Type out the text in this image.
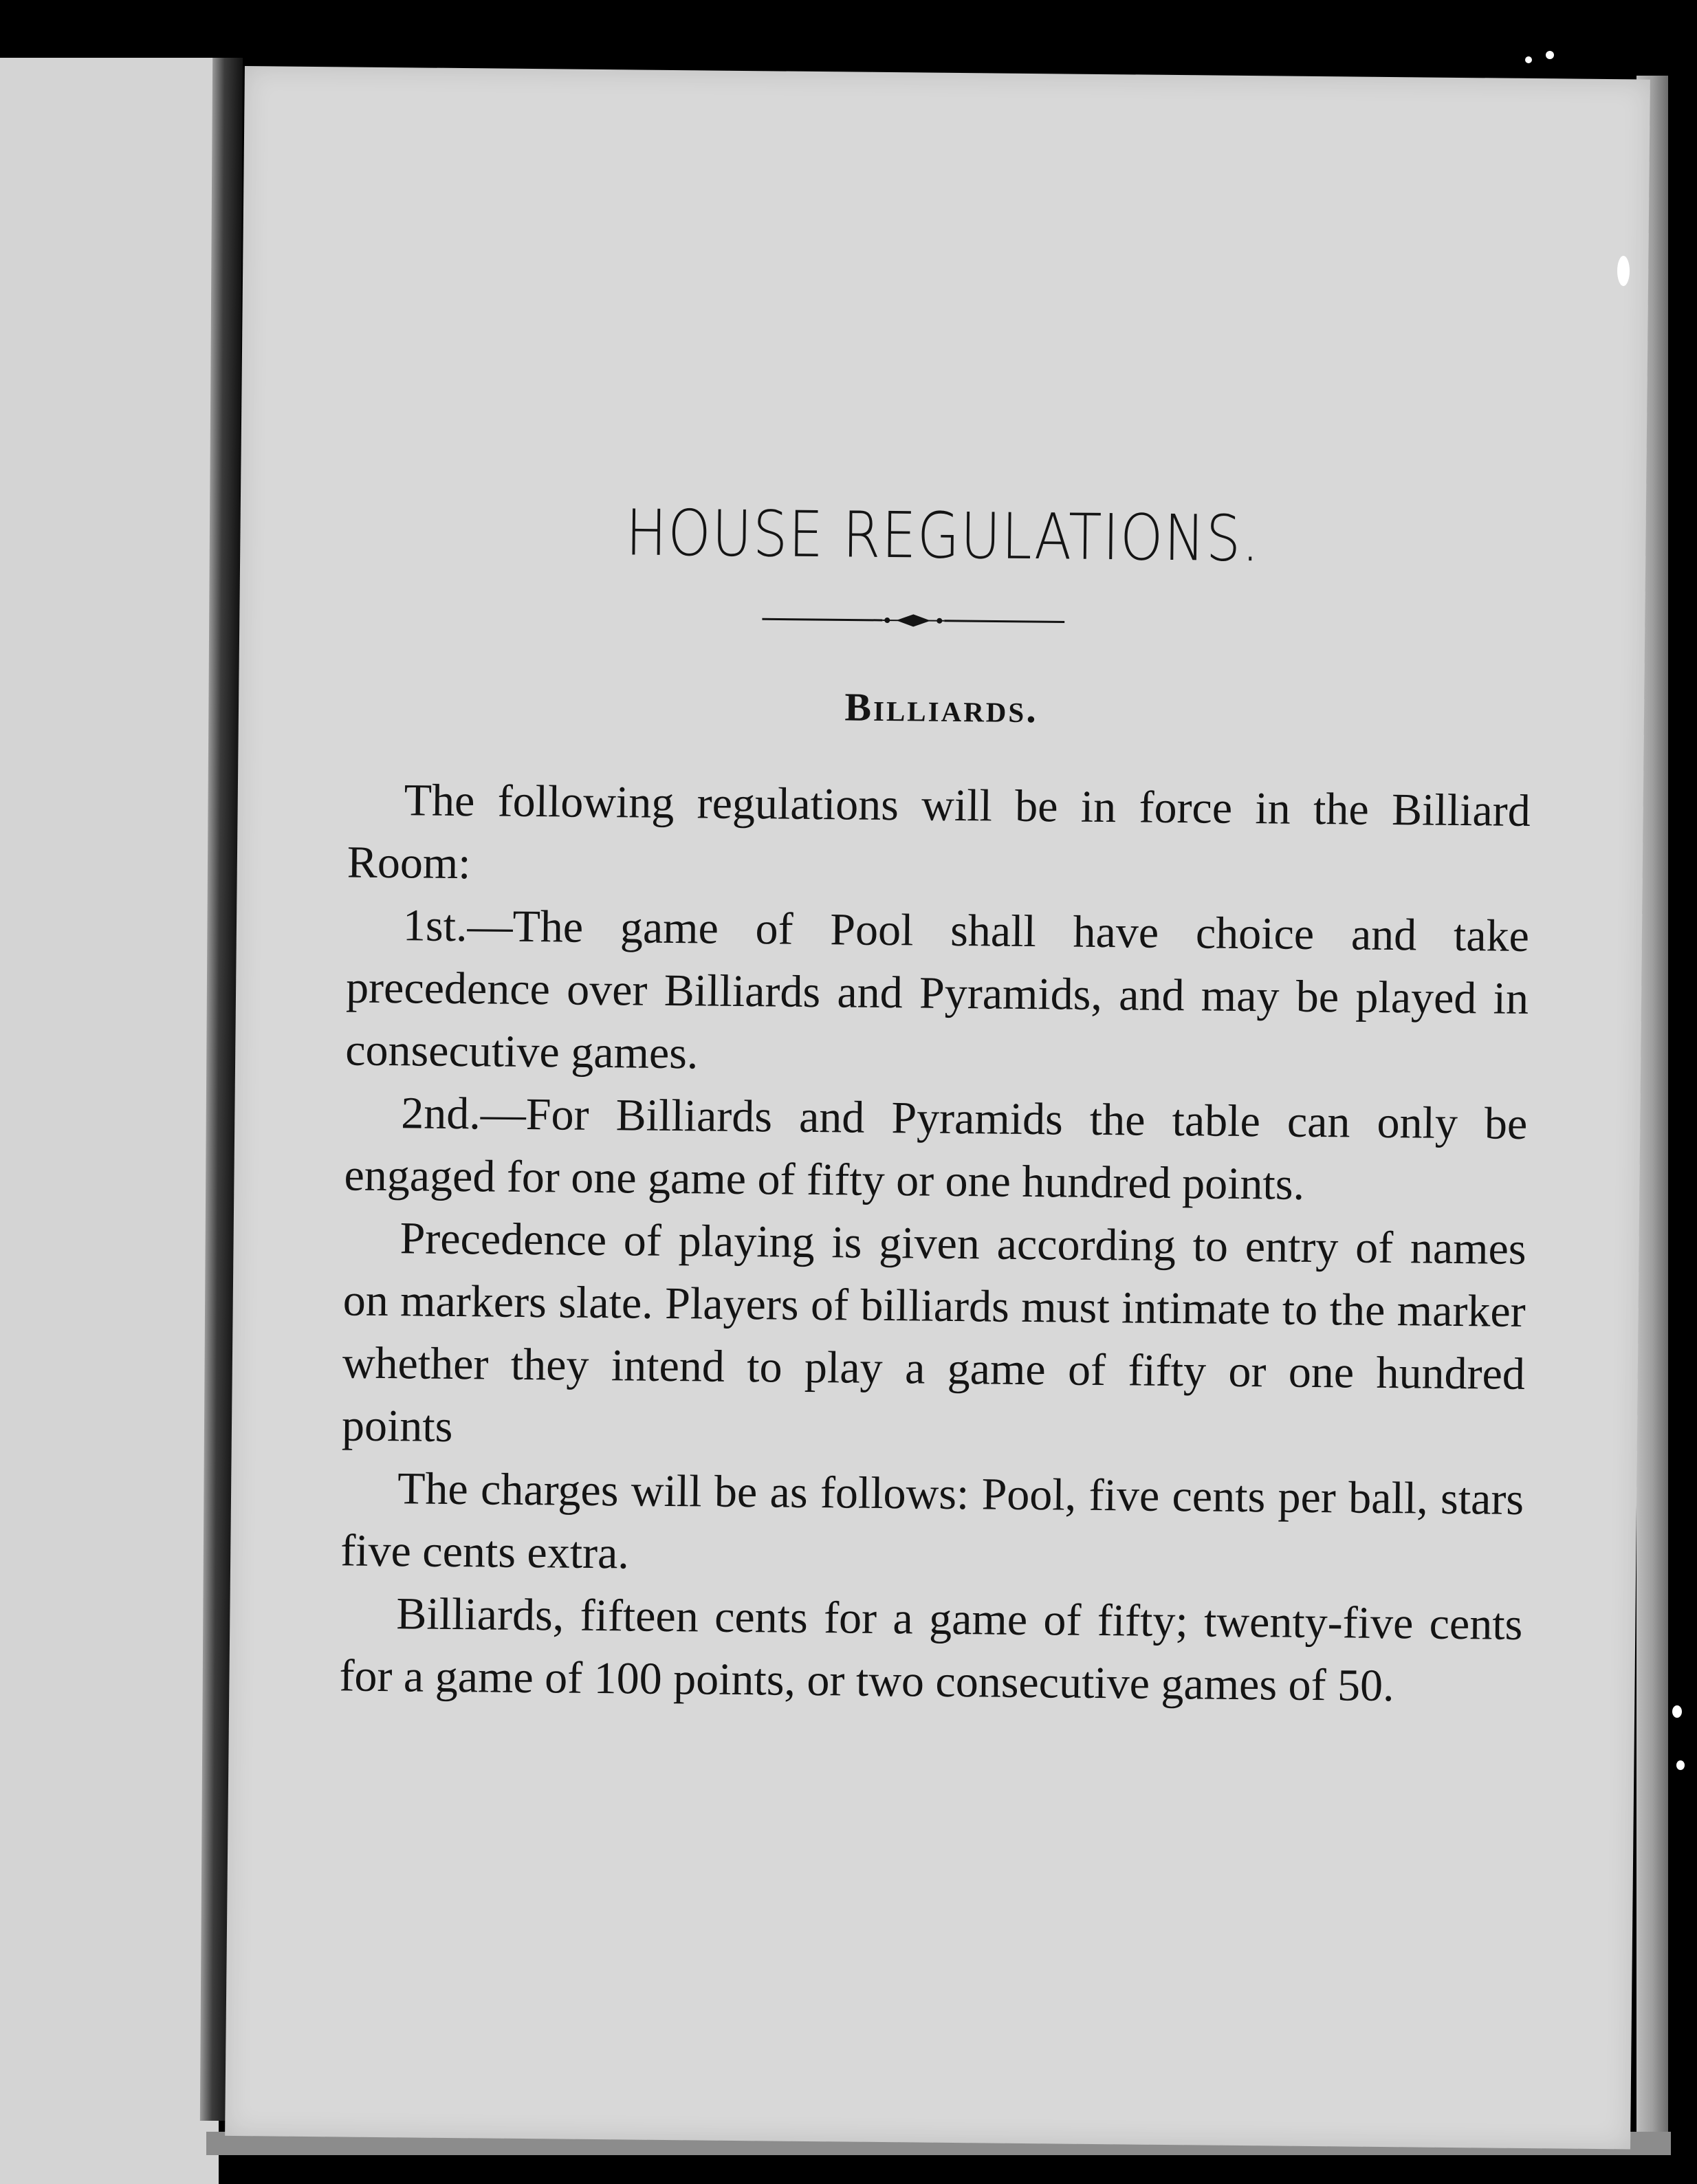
HOUSE REGULATIONS.
Billiards.

The following regulations will be in force in the Billiard Room:

1st.—The game of Pool shall have choice and take precedence over Billiards and Pyramids, and may be played in consecutive games.

2nd.—For Billiards and Pyramids the table can only be engaged for one game of fifty or one hundred points.

Precedence of playing is given according to entry of names on markers slate. Players of billiards must intimate to the marker whether they intend to play a game of fifty or one hundred points

The charges will be as follows: Pool, five cents per ball, stars five cents extra.

Billiards, fifteen cents for a game of fifty; twenty-five cents for a game of 100 points, or two consecutive games of 50.
